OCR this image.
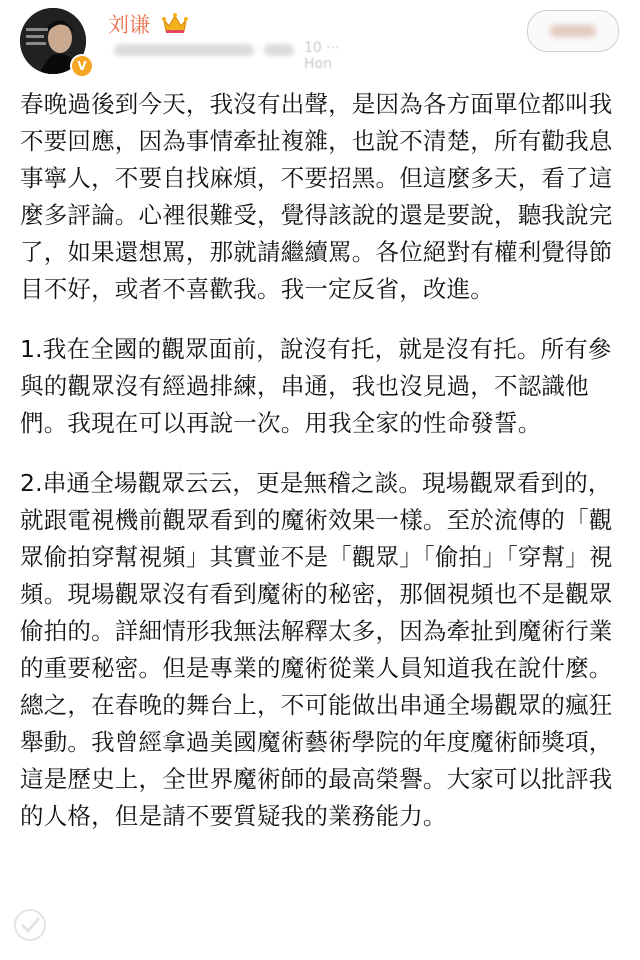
V
刘谦
10 ··· Hon

春晚過後到今天，我沒有出聲，是因為各方面單位都叫我不要回應，因為事情牽扯複雜，也說不清楚，所有勸我息事寧人，不要自找麻煩，不要招黑。但這麼多天，看了這麼多評論。心裡很難受，覺得該說的還是要說，聽我說完了，如果還想罵，那就請繼續罵。各位絕對有權利覺得節目不好，或者不喜歡我。我一定反省，改進。

1.我在全國的觀眾面前，說沒有托，就是沒有托。所有參與的觀眾沒有經過排練，串通，我也沒見過，不認識他們。我現在可以再說一次。用我全家的性命發誓。

2.串通全場觀眾云云，更是無稽之談。現場觀眾看到的，就跟電視機前觀眾看到的魔術效果一樣。至於流傳的「觀眾偷拍穿幫視頻」其實並不是「觀眾」「偷拍」「穿幫」視頻。現場觀眾沒有看到魔術的秘密，那個視頻也不是觀眾偷拍的。詳細情形我無法解釋太多，因為牽扯到魔術行業的重要秘密。但是專業的魔術從業人員知道我在說什麼。總之，在春晚的舞台上，不可能做出串通全場觀眾的瘋狂舉動。我曾經拿過美國魔術藝術學院的年度魔術師獎項，這是歷史上，全世界魔術師的最高榮譽。大家可以批評我的人格，但是請不要質疑我的業務能力。
